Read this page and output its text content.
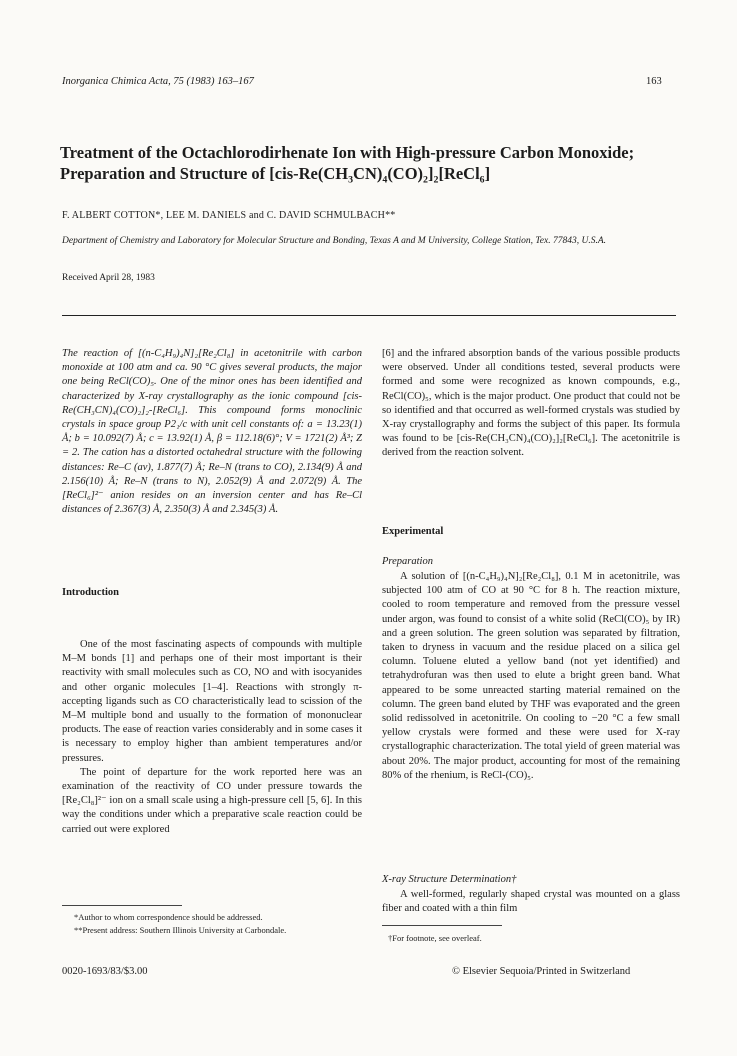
Inorganica Chimica Acta, 75 (1983) 163–167	163
Treatment of the Octachlorodirhenate Ion with High-pressure Carbon Monoxide; Preparation and Structure of [cis-Re(CH₃CN)₄(CO)₂]₂[ReCl₆]
F. ALBERT COTTON*, LEE M. DANIELS and C. DAVID SCHMULBACH**
Department of Chemistry and Laboratory for Molecular Structure and Bonding, Texas A and M University, College Station, Tex. 77843, U.S.A.
Received April 28, 1983

The reaction of [(n-C₄H₉)₄N]₂[Re₂Cl₈] in acetonitrile with carbon monoxide at 100 atm and ca. 90 °C gives several products, the major one being ReCl(CO)₅. One of the minor ones has been identified and characterized by X-ray crystallography as the ionic compound [cis-Re(CH₃CN)₄(CO)₂]₂-[ReCl₆]. This compound forms monoclinic crystals in space group P2₁/c with unit cell constants of: a = 13.23(1) Å; b = 10.092(7) Å; c = 13.92(1) Å, β = 112.18(6)°; V = 1721(2) Å³; Z = 2. The cation has a distorted octahedral structure with the following distances: Re–C (av), 1.877(7) Å; Re–N (trans to CO), 2.134(9) Å and 2.156(10) Å; Re–N (trans to N), 2.052(9) Å and 2.072(9) Å. The [ReCl₆]²⁻ anion resides on an inversion center and has Re–Cl distances of 2.367(3) Å, 2.350(3) Å and 2.345(3) Å.

Introduction

One of the most fascinating aspects of compounds with multiple M–M bonds [1] and perhaps one of their most important is their reactivity with small molecules such as CO, NO and with isocyanides and other organic molecules [1–4]. Reactions with strongly π-accepting ligands such as CO characteristically lead to scission of the M–M multiple bond and usually to the formation of mononuclear products. The ease of reaction varies considerably and in some cases it is necessary to employ higher than ambient temperatures and/or pressures.

The point of departure for the work reported here was an examination of the reactivity of CO under pressure towards the [Re₂Cl₈]²⁻ ion on a small scale using a high-pressure cell [5, 6]. In this way the conditions under which a preparative scale reaction could be carried out were explored

*Author to whom correspondence should be addressed.

**Present address: Southern Illinois University at Carbondale.

0020-1693/83/$3.00

[6] and the infrared absorption bands of the various possible products were observed. Under all conditions tested, several products were formed and some were recognized as known compounds, e.g., ReCl(CO)₅, which is the major product. One product that could not be so identified and that occurred as well-formed crystals was studied by X-ray crystallography and forms the subject of this paper. Its formula was found to be [cis-Re(CH₃CN)₄(CO)₂]₂[ReCl₆]. The acetonitrile is derived from the reaction solvent.

Experimental
Preparation

A solution of [(n-C₄H₉)₄N]₂[Re₂Cl₈], 0.1 M in acetonitrile, was subjected 100 atm of CO at 90 °C for 8 h. The reaction mixture, cooled to room temperature and removed from the pressure vessel under argon, was found to consist of a white solid (ReCl(CO)₅ by IR) and a green solution. The green solution was separated by filtration, taken to dryness in vacuum and the residue placed on a silica gel column. Toluene eluted a yellow band (not yet identified) and tetrahydrofuran was then used to elute a bright green band. What appeared to be some unreacted starting material remained on the column. The green band eluted by THF was evaporated and the green solid redissolved in acetonitrile. On cooling to −20 °C a few small yellow crystals were formed and these were used for X-ray crystallographic characterization. The total yield of green material was about 20%. The major product, accounting for most of the remaining 80% of the rhenium, is ReCl-(CO)₅.

X-ray Structure Determination†

A well-formed, regularly shaped crystal was mounted on a glass fiber and coated with a thin film

†For footnote, see overleaf.
© Elsevier Sequoia/Printed in Switzerland
